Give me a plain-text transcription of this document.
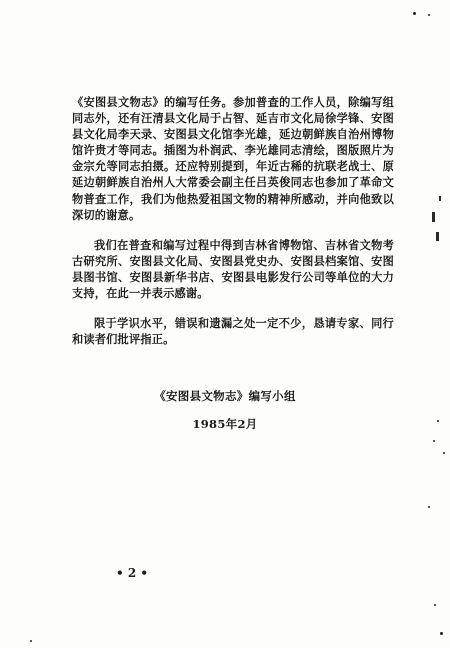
《安图县文物志》的编写任务。参加普查的工作人员，除编写组同志外，还有汪清县文化局于占智、延吉市文化局徐学锋、安图县文化局李天录、安图县文化馆李光雄，延边朝鲜族自治州博物馆许贵才等同志。插图为朴润武、李光雄同志清绘，图版照片为金宗允等同志拍摄。还应特别提到，年近古稀的抗联老战士、原延边朝鲜族自治州人大常委会副主任吕英俊同志也参加了革命文物普查工作，我们为他热爱祖国文物的精神所感动，并向他致以深切的谢意。

我们在普查和编写过程中得到吉林省博物馆、吉林省文物考古研究所、安图县文化局、安图县党史办、安图县档案馆、安图县图书馆、安图县新华书店、安图县电影发行公司等单位的大力支持，在此一并表示感谢。

限于学识水平，错误和遗漏之处一定不少，恳请专家、同行和读者们批评指正。

《安图县文物志》编写小组
1985年2月
• 2 •
